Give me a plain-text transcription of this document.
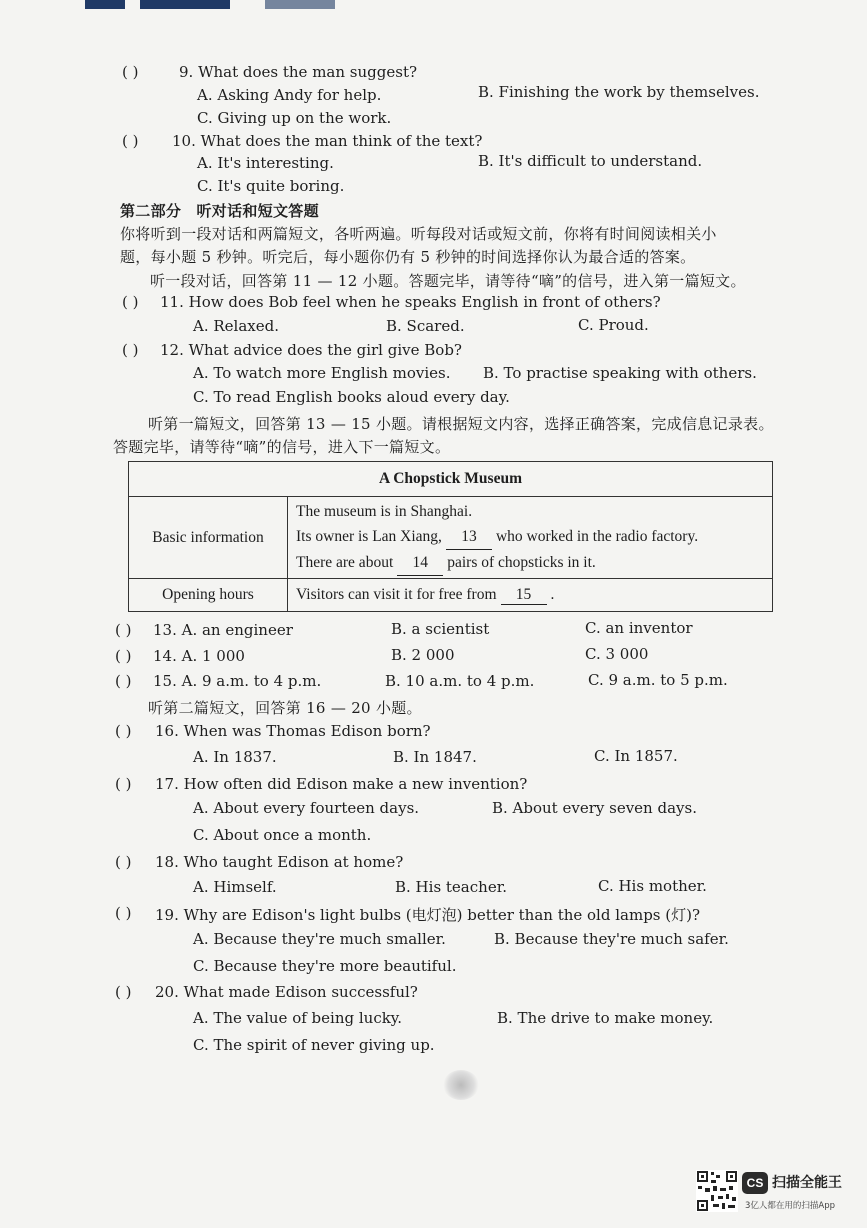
( )	9. What does the man suggest?
A. Asking Andy for help.	B. Finishing the work by themselves.
C. Giving up on the work.
( ) 10. What does the man think of the text?
A. It's interesting.	B. It's difficult to understand.
C. It's quite boring.
第二部分　听对话和短文答题
你将听到一段对话和两篇短文，各听两遍。听每段对话或短文前，你将有时间阅读相关小
题，每小题 5 秒钟。听完后，每小题你仍有 5 秒钟的时间选择你认为最合适的答案。
听一段对话，回答第 11 — 12 小题。答题完毕，请等待“嘀”的信号，进入第一篇短文。
( ) 11. How does Bob feel when he speaks English in front of others?
A. Relaxed.	B. Scared.	C. Proud.
( ) 12. What advice does the girl give Bob?
A. To watch more English movies. B. To practise speaking with others.
C. To read English books aloud every day.
听第一篇短文，回答第 13 — 15 小题。请根据短文内容，选择正确答案，完成信息记录表。
答题完毕，请等待“嘀”的信号，进入下一篇短文。
A Chopstick Museum	
Basic information	The museum is in Shanghai.
Its owner is Lan Xiang, 13 who worked in the radio factory.
There are about 14 pairs of chopsticks in it.

Opening hours	Visitors can visit it for free from 15 .
( ) 13. A. an engineer	B. a scientist	C. an inventor
( ) 14. A. 1 000	B. 2 000	C. 3 000
( ) 15. A. 9 a.m. to 4 p.m.	B. 10 a.m. to 4 p.m.	C. 9 a.m. to 5 p.m.
听第二篇短文，回答第 16 — 20 小题。
( ) 16. When was Thomas Edison born?
A. In 1837.	B. In 1847.	C. In 1857.
( ) 17. How often did Edison make a new invention?
A. About every fourteen days.	B. About every seven days.
C. About once a month.
( ) 18. Who taught Edison at home?
A. Himself.	B. His teacher.	C. His mother.
( ) 19. Why are Edison's light bulbs (电灯泡) better than the old lamps (灯)?
A. Because they're much smaller.	B. Because they're much safer.
C. Because they're more beautiful.
( ) 20. What made Edison successful?
A. The value of being lucky.	B. The drive to make money.
C. The spirit of never giving up.
CS 扫描全能王
3亿人都在用的扫描App
